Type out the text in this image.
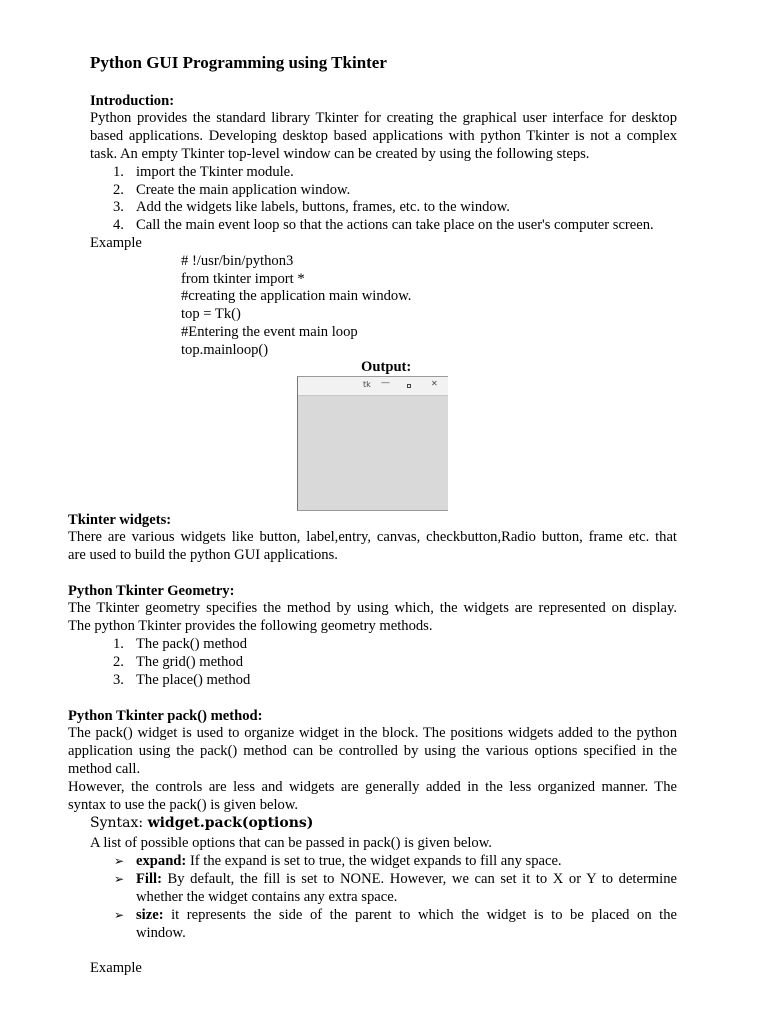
Python GUI Programming using Tkinter
Introduction:
Python provides the standard library Tkinter for creating the graphical user interface for desktop
based applications. Developing desktop based applications with python Tkinter is not a complex
task. An empty Tkinter top-level window can be created by using the following steps.
1. import the Tkinter module.
2. Create the main application window.
3. Add the widgets like labels, buttons, frames, etc. to the window.
4. Call the main event loop so that the actions can take place on the user's computer screen.
Example
# !/usr/bin/python3
from tkinter import *
#creating the application main window.
top = Tk()
#Entering the event main loop
top.mainloop()
Output:
tk —	✕
Tkinter widgets:
There are various widgets like button, label,entry, canvas, checkbutton,Radio button, frame etc. that
are used to build the python GUI applications.
Python Tkinter Geometry:
The Tkinter geometry specifies the method by using which, the widgets are represented on display.
The python Tkinter provides the following geometry methods.
1. The pack() method
2. The grid() method
3. The place() method
Python Tkinter pack() method:
The pack() widget is used to organize widget in the block. The positions widgets added to the python
application using the pack() method can be controlled by using the various options specified in the
method call.
However, the controls are less and widgets are generally added in the less organized manner. The
syntax to use the pack() is given below.
Syntax: widget.pack(options)
A list of possible options that can be passed in pack() is given below.
➢ expand: If the expand is set to true, the widget expands to fill any space.
➢ Fill: By default, the fill is set to NONE. However, we can set it to X or Y to determine
whether the widget contains any extra space.
➢ size: it represents the side of the parent to which the widget is to be placed on the
window.
Example
